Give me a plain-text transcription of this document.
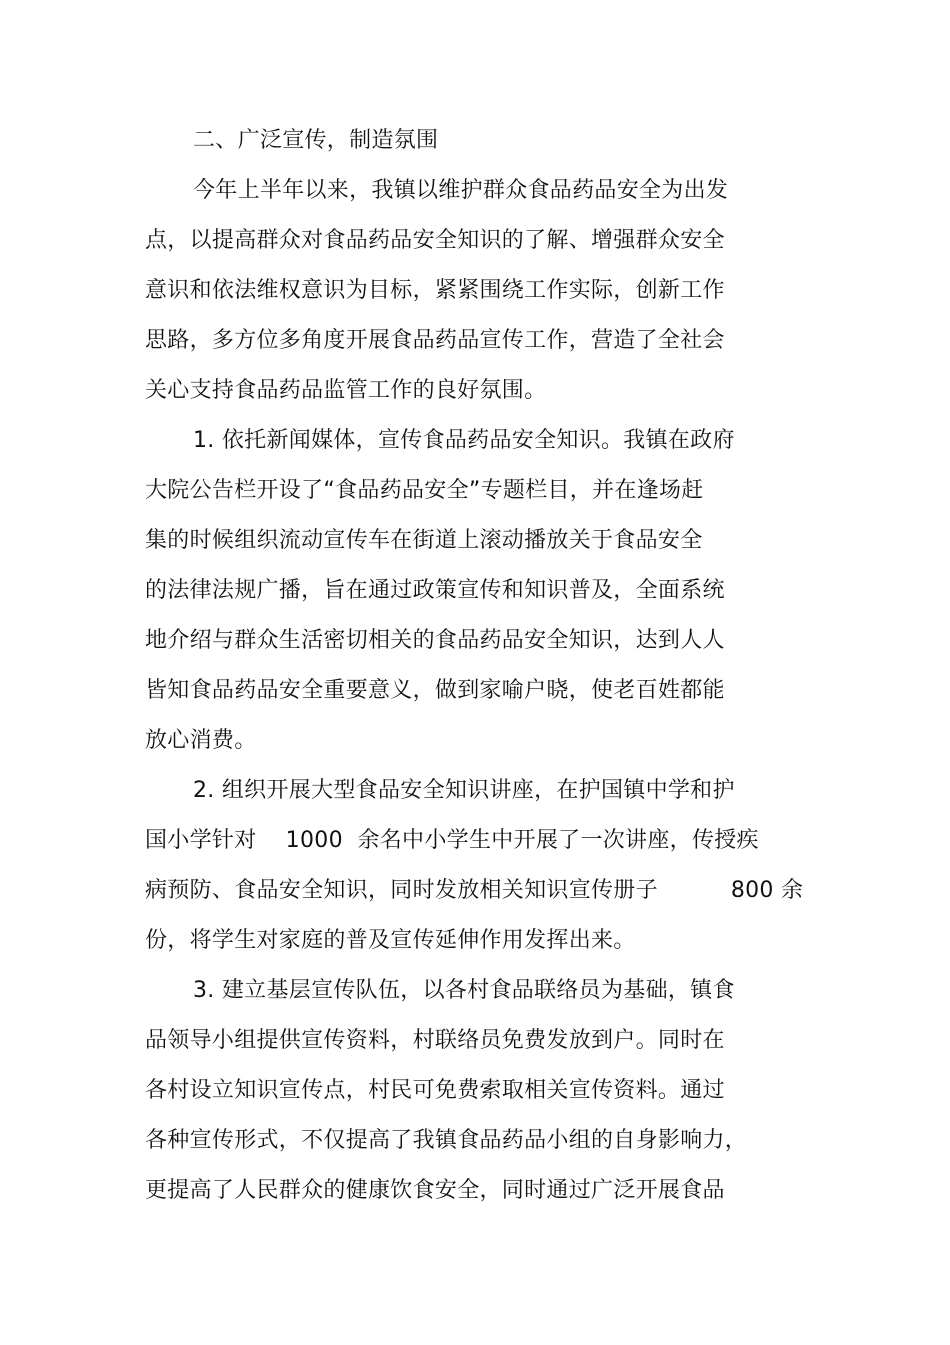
二、广泛宣传，制造氛围
今年上半年以来，我镇以维护群众食品药品安全为出发
点，以提高群众对食品药品安全知识的了解、增强群众安全
意识和依法维权意识为目标，紧紧围绕工作实际，创新工作
思路，多方位多角度开展食品药品宣传工作，营造了全社会
关心支持食品药品监管工作的良好氛围。
1. 依托新闻媒体，宣传食品药品安全知识。我镇在政府
大院公告栏开设了“食品药品安全”专题栏目，并在逢场赶
集的时候组织流动宣传车在街道上滚动播放关于食品安全
的法律法规广播，旨在通过政策宣传和知识普及，全面系统
地介绍与群众生活密切相关的食品药品安全知识，达到人人
皆知食品药品安全重要意义，做到家喻户晓，使老百姓都能
放心消费。
2. 组织开展大型食品安全知识讲座，在护国镇中学和护
国小学针对    1000  余名中小学生中开展了一次讲座，传授疾
病预防、食品安全知识，同时发放相关知识宣传册子          800 余
份，将学生对家庭的普及宣传延伸作用发挥出来。
3. 建立基层宣传队伍，以各村食品联络员为基础，镇食
品领导小组提供宣传资料，村联络员免费发放到户。同时在
各村设立知识宣传点，村民可免费索取相关宣传资料。通过
各种宣传形式，不仅提高了我镇食品药品小组的自身影响力，
更提高了人民群众的健康饮食安全，同时通过广泛开展食品
